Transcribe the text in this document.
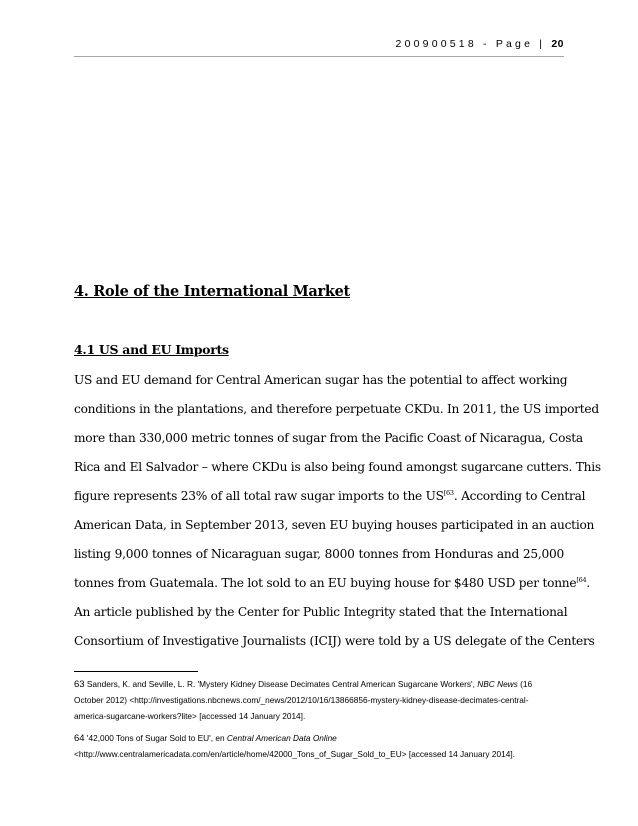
200900518 - Page | 20
4. Role of the International Market
4.1 US and EU Imports
US and EU demand for Central American sugar has the potential to affect working
conditions in the plantations, and therefore perpetuate CKDu. In 2011, the US imported
more than 330,000 metric tonnes of sugar from the Pacific Coast of Nicaragua, Costa
Rica and El Salvador – where CKDu is also being found amongst sugarcane cutters. This
figure represents 23% of all total raw sugar imports to the $US^{[63}$. According to Central
American Data, in September 2013, seven EU buying houses participated in an auction
listing 9,000 tonnes of Nicaraguan sugar, 8000 tonnes from Honduras and 25,000
tonnes from Guatemala. The lot sold to an EU buying house for $480 USD per tonne$^{[64}$.
An article published by the Center for Public Integrity stated that the International
Consortium of Investigative Journalists (ICIJ) were told by a US delegate of the Centers
63 Sanders, K. and Seville, L. R. 'Mystery Kidney Disease Decimates Central American Sugarcane Workers', NBC News (16
October 2012) <http://investigations.nbcnews.com/_news/2012/10/16/13866856-mystery-kidney-disease-decimates-central-
america-sugarcane-workers?lite> [accessed 14 January 2014].
64 '42,000 Tons of Sugar Sold to EU', en Central American Data Online
<http://www.centralamericadata.com/en/article/home/42000_Tons_of_Sugar_Sold_to_EU> [accessed 14 January 2014].
